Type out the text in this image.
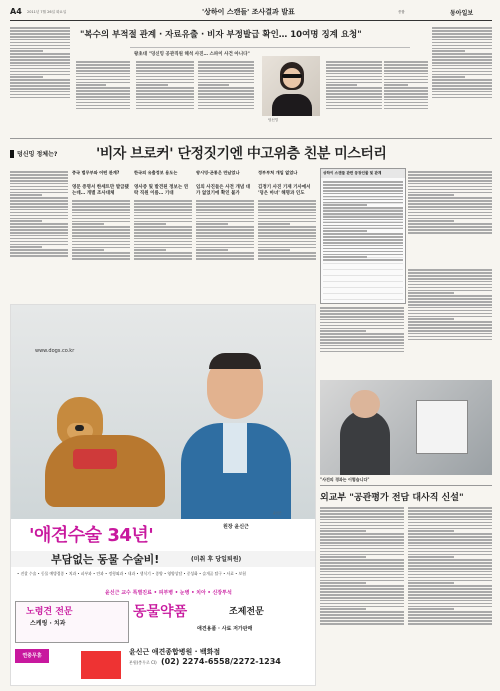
A4 2011년 7월 26일 화요일	'상하이 스캔들' 조사결과 발표	종합	동아일보
"복수의 부적절 관계 · 자료유출 · 비자 부정발급 확인… 10여명 징계 요청"
왕초대 "덩신밍 공관직원 해석 사진… 스파이 사건 아니다"
덩신밍
덩신밍 정체는?	'비자 브로커' 단정짓기엔 中고위층 친분 미스터리
중국 법무부와 어떤 관계?
영문 증명서 한세트만 발급됐는데… 개별 조사대체
한국의 유출정보 용도는
영사증 및 발견된 정보는 연락 직원 이름… 기대
왕시밍·곤통은 만났었나
임의 사진들은 사전 개념 대가 없었기에 확인 불가
정부부처 개입 없었나
김정기 사진 기재 기사에서 '덩은 마녀' 해명과 인도
상하이 스캔들 관련 등장인물 및 관계
www.dogs.co.kr
윤신근
'애견수술 34년'	원장 윤신근
부담없는 동물 수술비!	(미취 후 당일퇴원)
• 진찰 수술 • 동물 예방접종 • 치과 • 피부과 • 안과 • 정형외과 • 내과 • 생식기 • 종양 • 영양상담 • 중성화 • 슬개골 탈구 • 사료 • 보험
윤신근 교수 특별진료 • 피부병 • 눈병 • 치아 • 신장투석
노령견 전문
스케링 · 치과
동물약품	조제전문
애견용품 · 사료 저가판매
연중무휴	윤신근 애견종합병원 · 백화점
본원(충무로 CI) (02) 2274-6558/2272-1234
"사건의 경과는 이렇습니다"
외교부 "공관평가 전담 대사직 신설"
